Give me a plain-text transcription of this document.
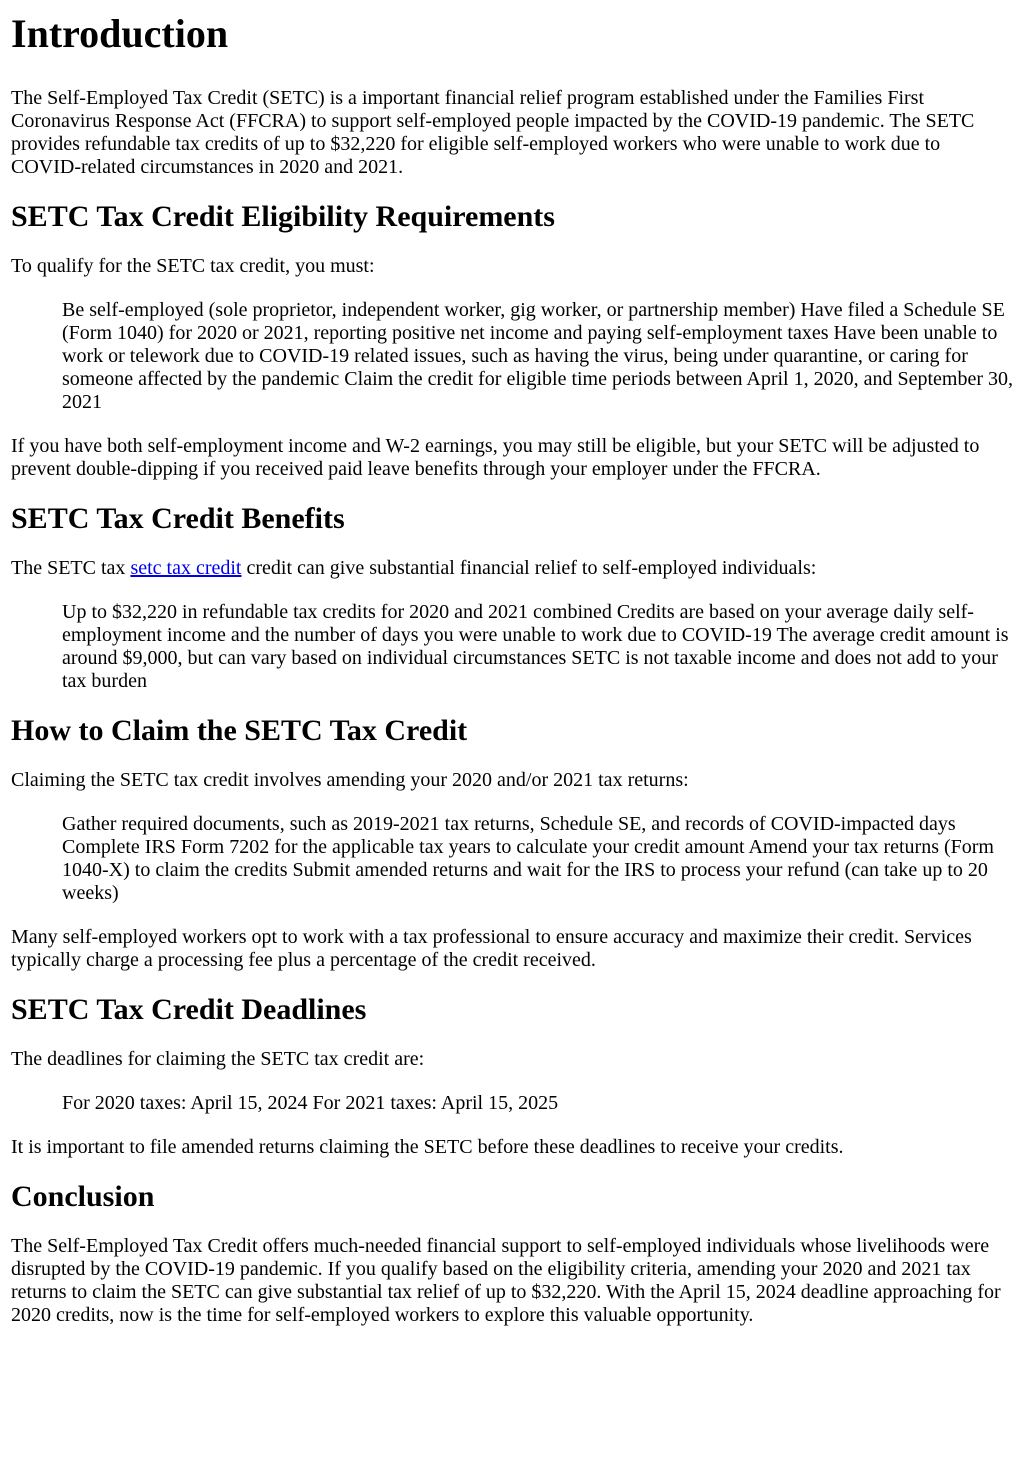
Introduction

The Self-Employed Tax Credit (SETC) is a important financial relief program established under the Families First Coronavirus Response Act (FFCRA) to support self-employed people impacted by the COVID-19 pandemic. The SETC provides refundable tax credits of up to $32,220 for eligible self-employed workers who were unable to work due to COVID-related circumstances in 2020 and 2021.

SETC Tax Credit Eligibility Requirements

To qualify for the SETC tax credit, you must:

Be self-employed (sole proprietor, independent worker, gig worker, or partnership member) Have filed a Schedule SE (Form 1040) for 2020 or 2021, reporting positive net income and paying self-employment taxes Have been unable to work or telework due to COVID-19 related issues, such as having the virus, being under quarantine, or caring for someone affected by the pandemic Claim the credit for eligible time periods between April 1, 2020, and September 30, 2021

If you have both self-employment income and W-2 earnings, you may still be eligible, but your SETC will be adjusted to prevent double-dipping if you received paid leave benefits through your employer under the FFCRA.

SETC Tax Credit Benefits

The SETC tax setc tax credit credit can give substantial financial relief to self-employed individuals:

Up to $32,220 in refundable tax credits for 2020 and 2021 combined Credits are based on your average daily self-employment income and the number of days you were unable to work due to COVID-19 The average credit amount is around $9,000, but can vary based on individual circumstances SETC is not taxable income and does not add to your tax burden
How to Claim the SETC Tax Credit

Claiming the SETC tax credit involves amending your 2020 and/or 2021 tax returns:

Gather required documents, such as 2019-2021 tax returns, Schedule SE, and records of COVID-impacted days Complete IRS Form 7202 for the applicable tax years to calculate your credit amount Amend your tax returns (Form 1040-X) to claim the credits Submit amended returns and wait for the IRS to process your refund (can take up to 20 weeks)

Many self-employed workers opt to work with a tax professional to ensure accuracy and maximize their credit. Services typically charge a processing fee plus a percentage of the credit received.

SETC Tax Credit Deadlines

The deadlines for claiming the SETC tax credit are:

For 2020 taxes: April 15, 2024 For 2021 taxes: April 15, 2025

It is important to file amended returns claiming the SETC before these deadlines to receive your credits.

Conclusion

The Self-Employed Tax Credit offers much-needed financial support to self-employed individuals whose livelihoods were disrupted by the COVID-19 pandemic. If you qualify based on the eligibility criteria, amending your 2020 and 2021 tax returns to claim the SETC can give substantial tax relief of up to $32,220. With the April 15, 2024 deadline approaching for 2020 credits, now is the time for self-employed workers to explore this valuable opportunity.
